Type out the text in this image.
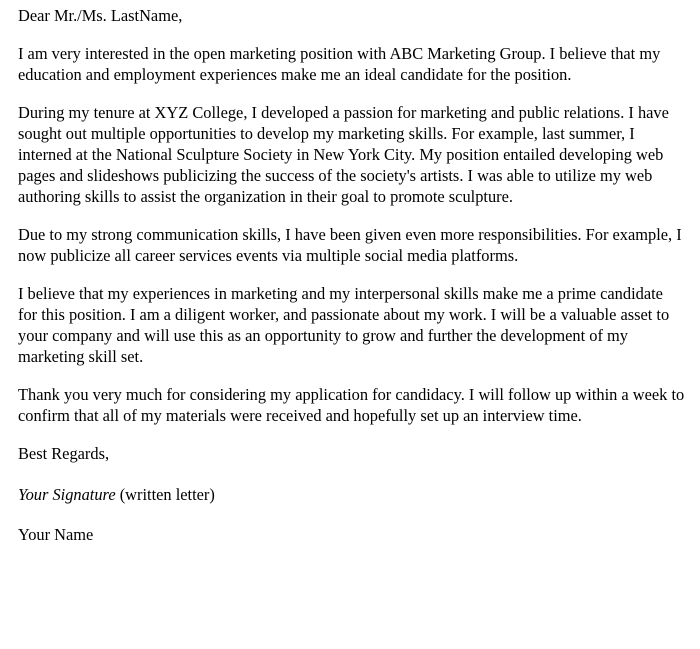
Dear Mr./Ms. LastName,

I am very interested in the open marketing position with ABC Marketing Group. I believe that my education and employment experiences make me an ideal candidate for the position.

During my tenure at XYZ College, I developed a passion for marketing and public relations. I have sought out multiple opportunities to develop my marketing skills. For example, last summer, I interned at the National Sculpture Society in New York City. My position entailed developing web pages and slideshows publicizing the success of the society's artists. I was able to utilize my web authoring skills to assist the organization in their goal to promote sculpture.

Due to my strong communication skills, I have been given even more responsibilities. For example, I now publicize all career services events via multiple social media platforms.

I believe that my experiences in marketing and my interpersonal skills make me a prime candidate for this position. I am a diligent worker, and passionate about my work. I will be a valuable asset to your company and will use this as an opportunity to grow and further the development of my marketing skill set.

Thank you very much for considering my application for candidacy. I will follow up within a week to confirm that all of my materials were received and hopefully set up an interview time.

Best Regards,

Your Signature (written letter)

Your Name
